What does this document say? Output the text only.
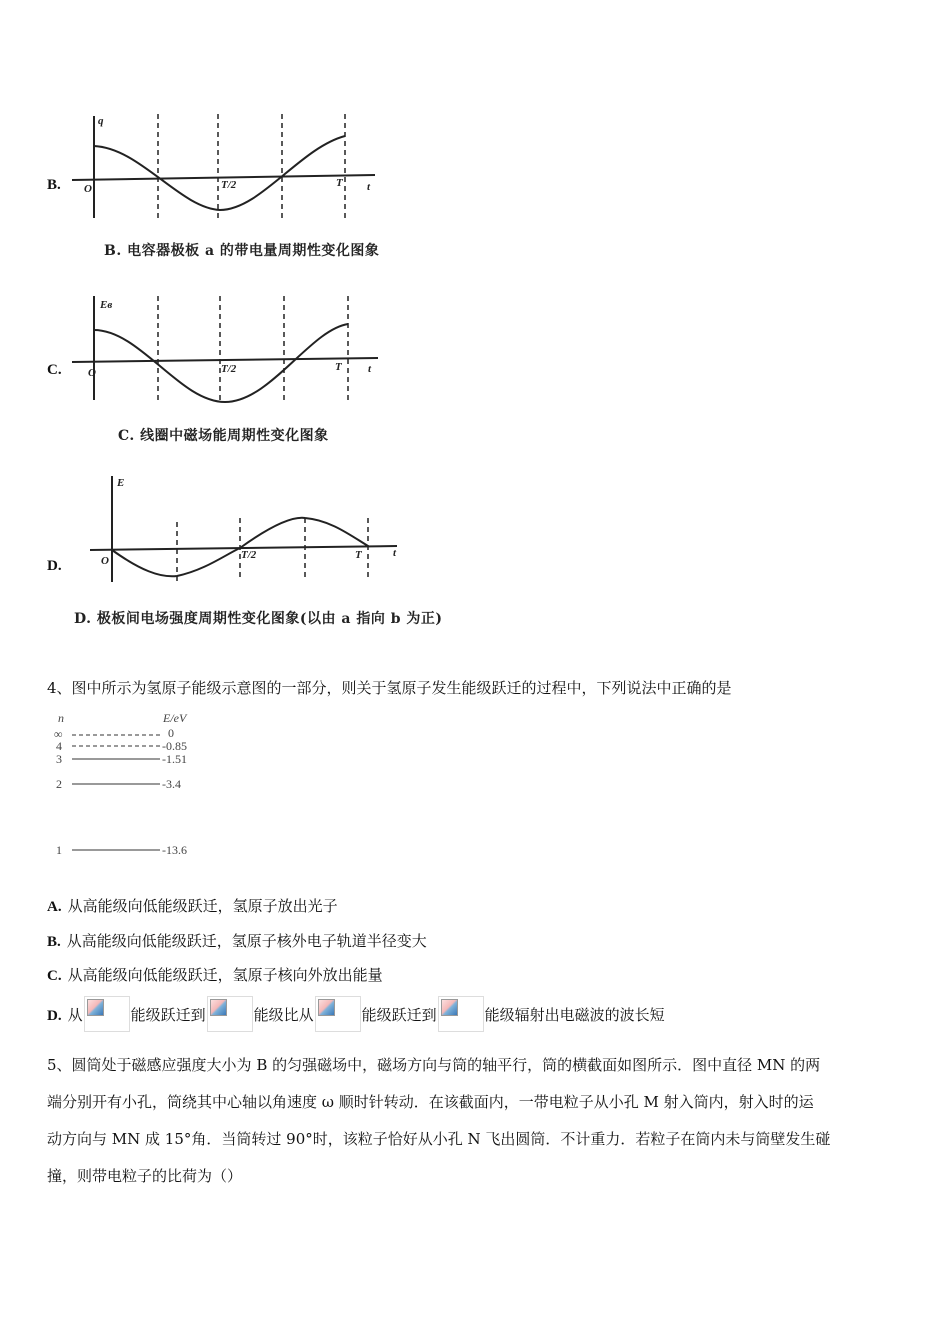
B.
q
t
O	T/2	T
B. 电容器极板 a 的带电量周期性变化图象
C.
Eв
t
O	T/2	T
C. 线圈中磁场能周期性变化图象
D.
E
t
O	T/2	T
D. 极板间电场强度周期性变化图象(以由 a 指向 b 为正)
4、图中所示为氢原子能级示意图的一部分，则关于氢原子发生能级跃迁的过程中，下列说法中正确的是
n	E/eV
∞	0
4	-0.85
3	-1.51
2	-3.4
1	-13.6
A. 从高能级向低能级跃迁，氢原子放出光子
B. 从高能级向低能级跃迁，氢原子核外电子轨道半径变大
C. 从高能级向低能级跃迁，氢原子核向外放出能量
D. 从	能级跃迁到	能级比从	能级跃迁到	能级辐射出电磁波的波长短
5、圆筒处于磁感应强度大小为 B 的匀强磁场中，磁场方向与筒的轴平行，筒的横截面如图所示．图中直径 MN 的两
端分别开有小孔，筒绕其中心轴以角速度 ω 顺时针转动．在该截面内，一带电粒子从小孔 M 射入筒内，射入时的运
动方向与 MN 成 15°角．当筒转过 90°时，该粒子恰好从小孔 N 飞出圆筒．不计重力．若粒子在筒内未与筒壁发生碰
撞，则带电粒子的比荷为（）
